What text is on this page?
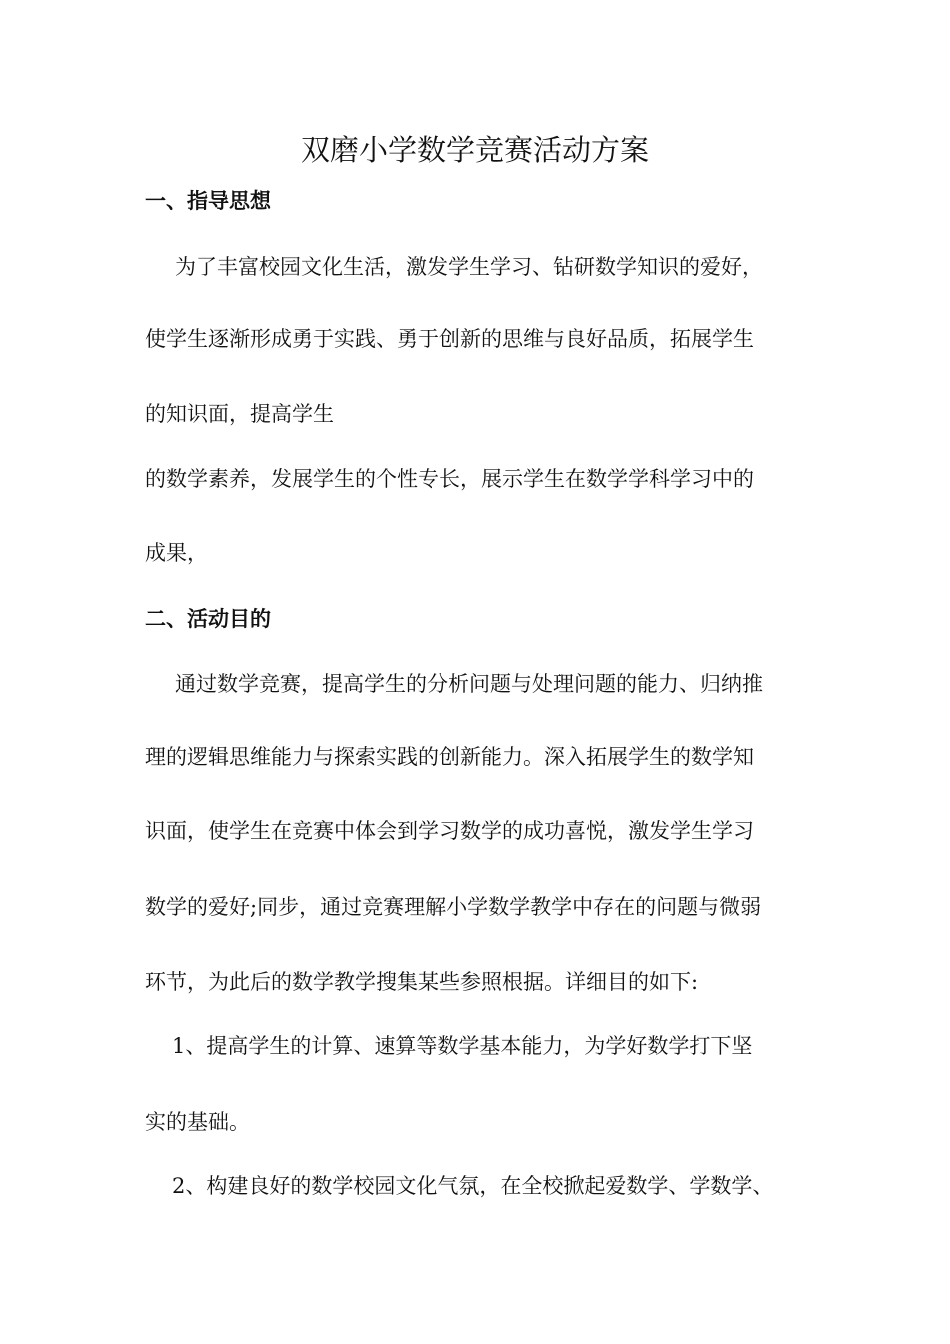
双磨小学数学竞赛活动方案
一、指导思想
为了丰富校园文化生活，激发学生学习、钻研数学知识的爱好，
使学生逐渐形成勇于实践、勇于创新的思维与良好品质，拓展学生
的知识面，提高学生
的数学素养，发展学生的个性专长，展示学生在数学学科学习中的
成果，
二、活动目的
通过数学竞赛，提高学生的分析问题与处理问题的能力、归纳推
理的逻辑思维能力与探索实践的创新能力。深入拓展学生的数学知
识面，使学生在竞赛中体会到学习数学的成功喜悦，激发学生学习
数学的爱好;同步，通过竞赛理解小学数学教学中存在的问题与微弱
环节，为此后的数学教学搜集某些参照根据。详细目的如下:
1、提高学生的计算、速算等数学基本能力，为学好数学打下坚
实的基础。
2、构建良好的数学校园文化气氛，在全校掀起爱数学、学数学、
